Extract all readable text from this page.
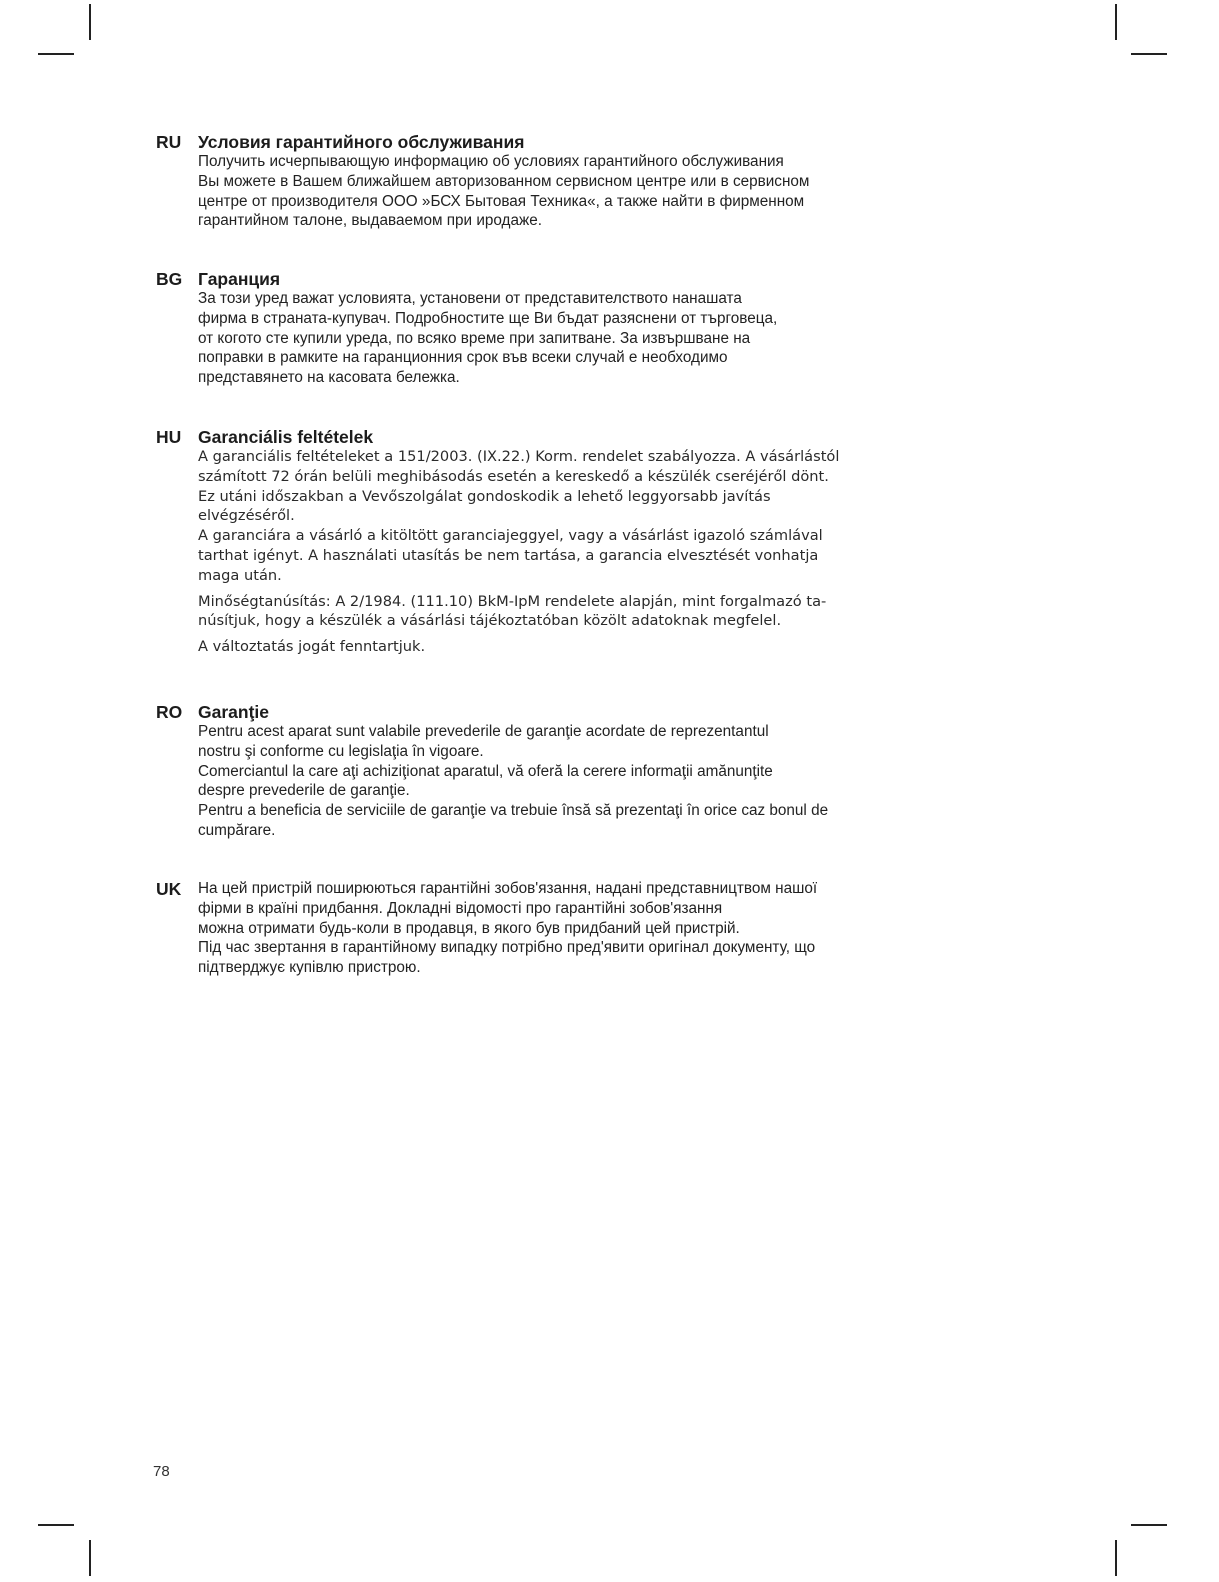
RU Условия гарантийного обслуживания
Получить исчерпывающую информацию об условиях гарантийного обслуживания
Вы можете в Вашем ближайшем авторизованном сервисном центре или в сервисном
центре от производителя ООО »БСХ Бытовая Техника«, а также найти в фирменном
гарантийном талоне, выдаваемом при иродаже.
BG Гаранция
За този уред важат условията, установени от представителството нанашата
фирма в страната-купувач. Подробностите ще Ви бъдат разяснени от търговеца,
от когото сте купили уреда, по всяко време при запитване. За извършване на
поправки в рамките на гаранционния срок във всеки случай е необходимо
представянето на касовата бележка.
HU Garanciális feltételek
A garanciális feltételeket a 151/2003. (IX.22.) Korm. rendelet szabályozza. A vásárlástól
számított 72 órán belüli meghibásodás esetén a kereskedő a készülék cseréjéről dönt.
Ez utáni időszakban a Vevőszolgálat gondoskodik a lehető leggyorsabb javítás
elvégzéséről.
A garanciára a vásárló a kitöltött garanciajeggyel, vagy a vásárlást igazoló számlával
tarthat igényt. A használati utasítás be nem tartása, a garancia elvesztését vonhatja
maga után.
Minőségtanúsítás: A 2/1984. (111.10) BkM-IpM rendelete alapján, mint forgalmazó ta-
núsítjuk, hogy a készülék a vásárlási tájékoztatóban közölt adatoknak megfelel.
A változtatás jogát fenntartjuk.
RO Garanţie
Pentru acest aparat sunt valabile prevederile de garanţie acordate de reprezentantul
nostru şi conforme cu legislaţia în vigoare.
Comerciantul la care aţi achiziţionat aparatul, vă oferă la cerere informaţii amănunţite
despre prevederile de garanţie.
Pentru a beneficia de serviciile de garanţie va trebuie însă să prezentaţi în orice caz bonul de
cumpărare.
UK На цей пристрій поширюються гарантійні зобов'язання, надані представництвом нашої
фірми в країні придбання. Докладні відомості про гарантійні зобов'язання
можна отримати будь-коли в продавця, в якого був придбаний цей пристрій.
Під час звертання в гарантійному випадку потрібно пред'явити оригінал документу, що
підтверджує купівлю пристрою.
78
